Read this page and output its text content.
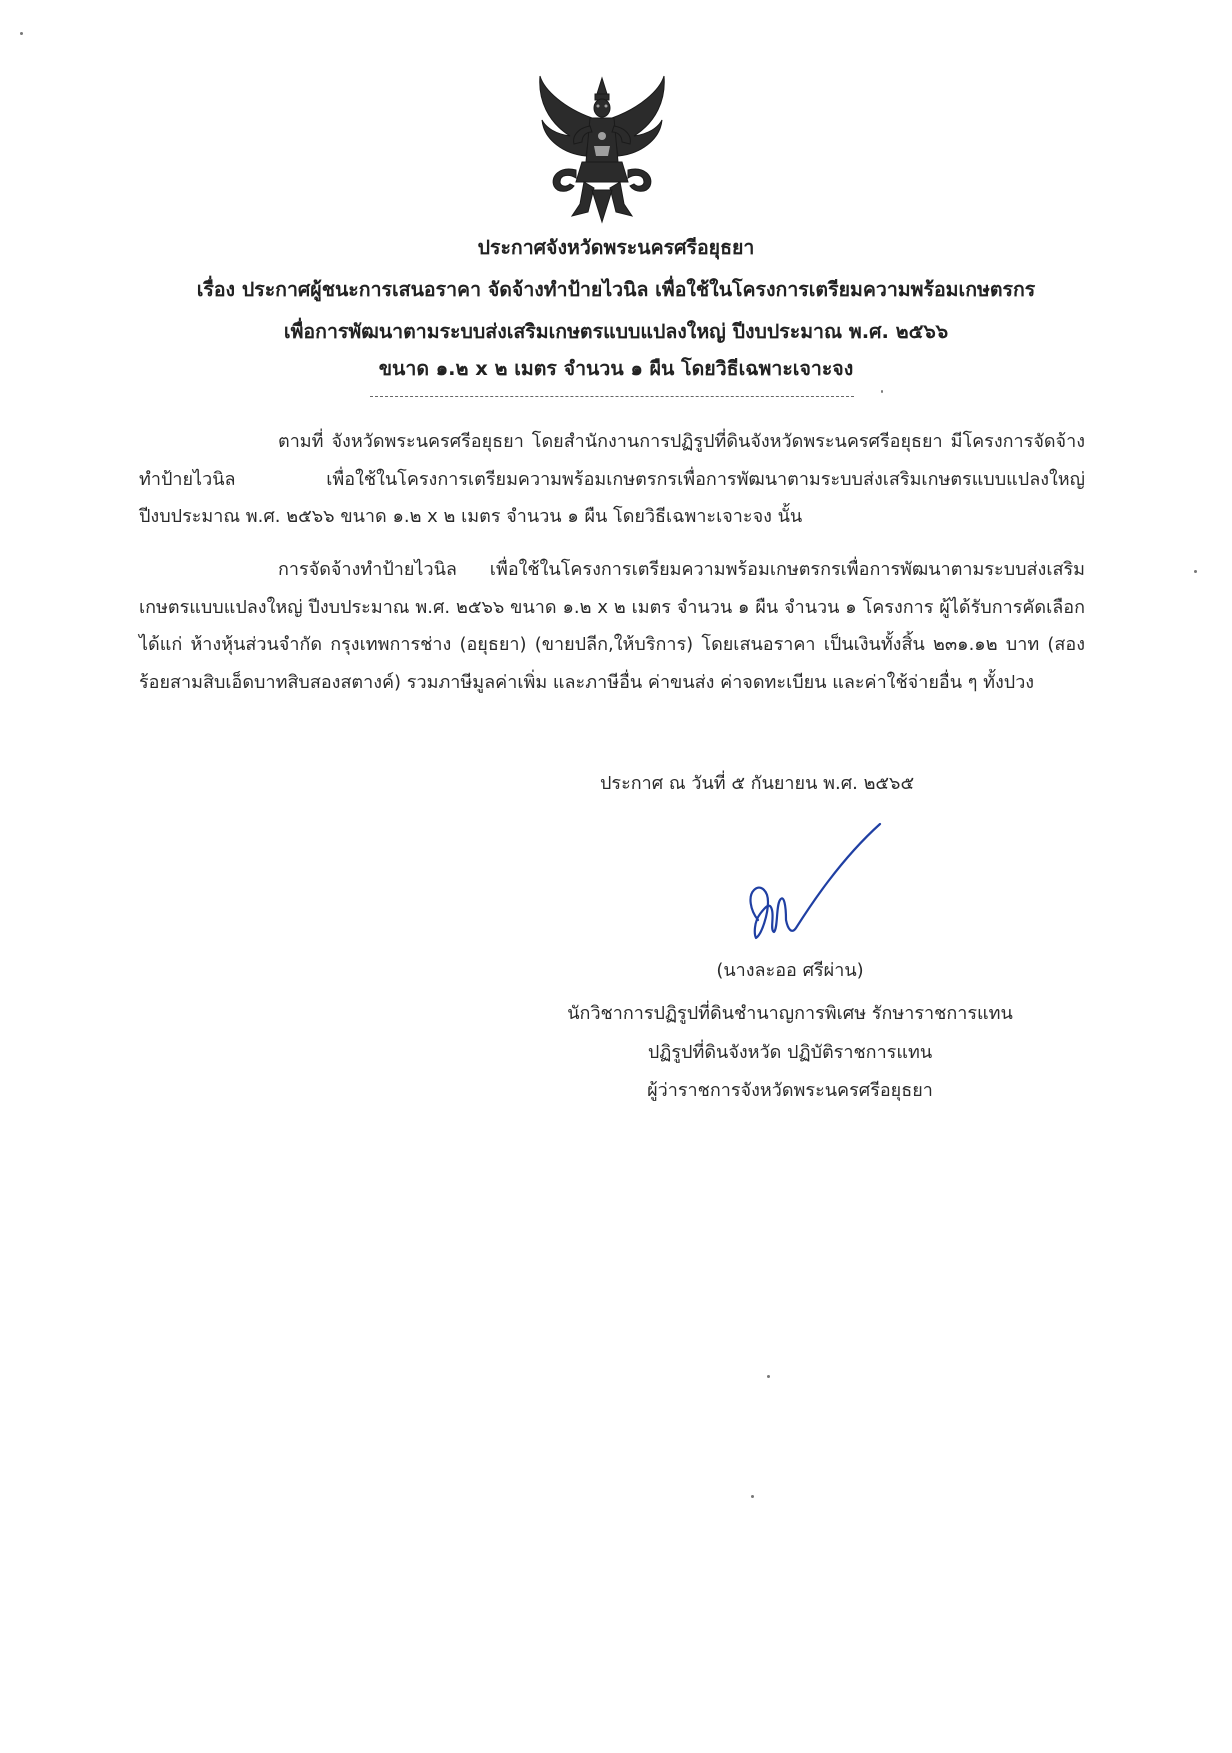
ประกาศจังหวัดพระนครศรีอยุธยา
เรื่อง ประกาศผู้ชนะการเสนอราคา จัดจ้างทำป้ายไวนิล เพื่อใช้ในโครงการเตรียมความพร้อมเกษตรกร
เพื่อการพัฒนาตามระบบส่งเสริมเกษตรแบบแปลงใหญ่ ปีงบประมาณ พ.ศ. ๒๕๖๖
ขนาด ๑.๒ x ๒ เมตร จำนวน ๑ ผืน โดยวิธีเฉพาะเจาะจง
ตามที่ จังหวัดพระนครศรีอยุธยา โดยสำนักงานการปฏิรูปที่ดินจังหวัดพระนครศรีอยุธยา มีโครงการจัดจ้างทำป้ายไวนิล เพื่อใช้ในโครงการเตรียมความพร้อมเกษตรกรเพื่อการพัฒนาตามระบบส่งเสริมเกษตรแบบแปลงใหญ่ ปีงบประมาณ พ.ศ. ๒๕๖๖ ขนาด ๑.๒ x ๒ เมตร จำนวน ๑ ผืน โดยวิธีเฉพาะเจาะจง นั้น
การจัดจ้างทำป้ายไวนิล เพื่อใช้ในโครงการเตรียมความพร้อมเกษตรกรเพื่อการพัฒนาตามระบบส่งเสริมเกษตรแบบแปลงใหญ่ ปีงบประมาณ พ.ศ. ๒๕๖๖ ขนาด ๑.๒ x ๒ เมตร จำนวน ๑ ผืน จำนวน ๑ โครงการ ผู้ได้รับการคัดเลือก ได้แก่ ห้างหุ้นส่วนจำกัด กรุงเทพการช่าง (อยุธยา) (ขายปลีก,ให้บริการ) โดยเสนอราคา เป็นเงินทั้งสิ้น ๒๓๑.๑๒ บาท (สองร้อยสามสิบเอ็ดบาทสิบสองสตางค์) รวมภาษีมูลค่าเพิ่ม และภาษีอื่น ค่าขนส่ง ค่าจดทะเบียน และค่าใช้จ่ายอื่น ๆ ทั้งปวง
ประกาศ ณ วันที่ ๕ กันยายน พ.ศ. ๒๕๖๕
(นางละออ ศรีผ่าน)
นักวิชาการปฏิรูปที่ดินชำนาญการพิเศษ รักษาราชการแทน
ปฏิรูปที่ดินจังหวัด ปฏิบัติราชการแทน
ผู้ว่าราชการจังหวัดพระนครศรีอยุธยา
